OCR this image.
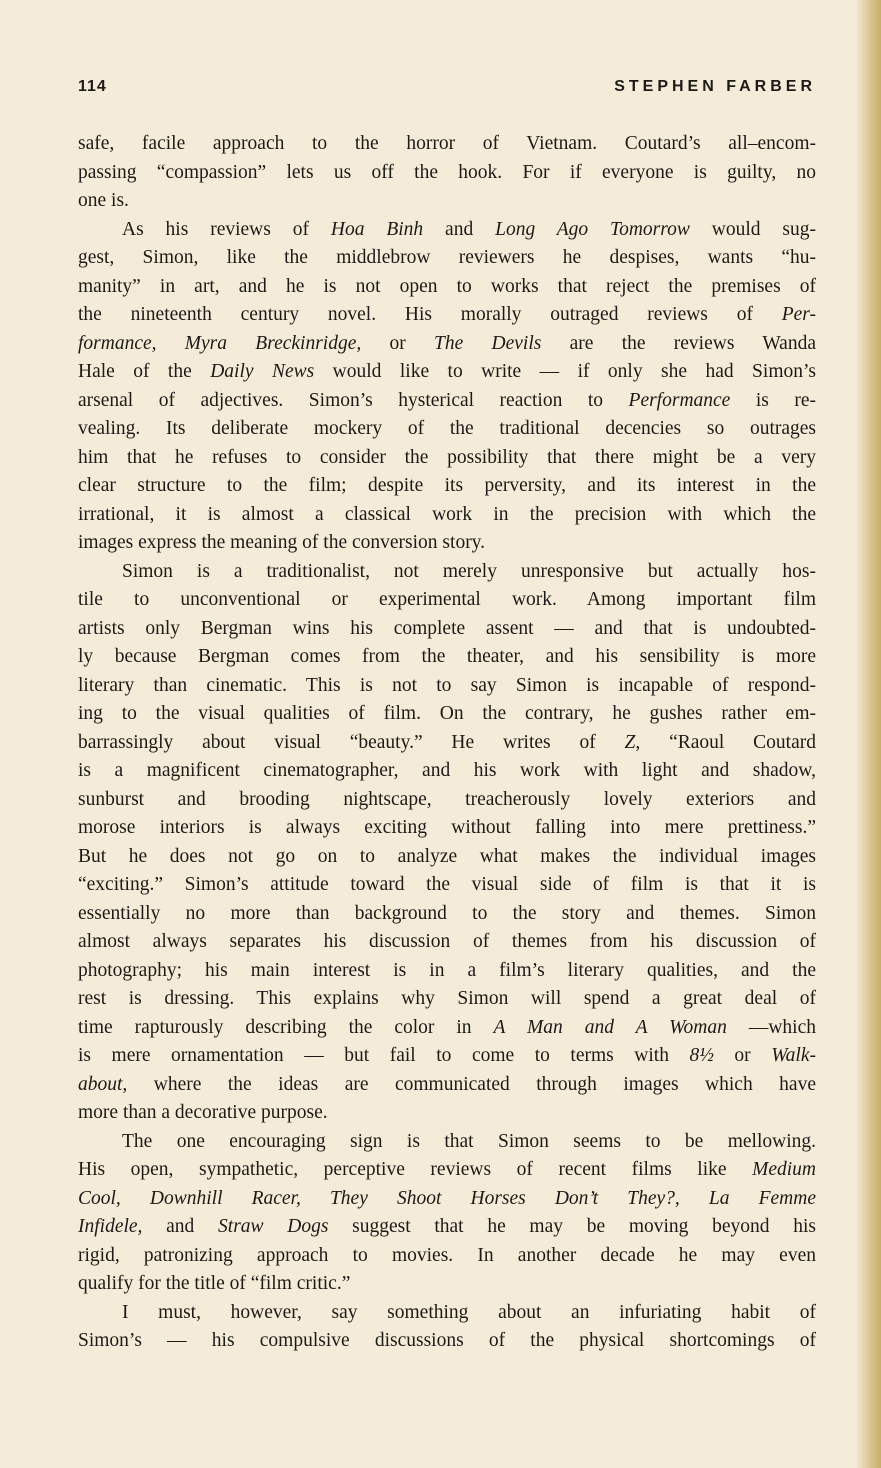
114	STEPHEN FARBER
safe, facile approach to the horror of Vietnam. Coutard’s all–encom-
passing “compassion” lets us off the hook. For if everyone is guilty, no
one is.
As his reviews of Hoa Binh and Long Ago Tomorrow would sug-
gest, Simon, like the middlebrow reviewers he despises, wants “hu-
manity” in art, and he is not open to works that reject the premises of
the nineteenth century novel. His morally outraged reviews of Per-
formance, Myra Breckinridge, or The Devils are the reviews Wanda
Hale of the Daily News would like to write — if only she had Simon’s
arsenal of adjectives. Simon’s hysterical reaction to Performance is re-
vealing. Its deliberate mockery of the traditional decencies so outrages
him that he refuses to consider the possibility that there might be a very
clear structure to the film; despite its perversity, and its interest in the
irrational, it is almost a classical work in the precision with which the
images express the meaning of the conversion story.
Simon is a traditionalist, not merely unresponsive but actually hos-
tile to unconventional or experimental work. Among important film
artists only Bergman wins his complete assent — and that is undoubted-
ly because Bergman comes from the theater, and his sensibility is more
literary than cinematic. This is not to say Simon is incapable of respond-
ing to the visual qualities of film. On the contrary, he gushes rather em-
barrassingly about visual “beauty.” He writes of Z, “Raoul Coutard
is a magnificent cinematographer, and his work with light and shadow,
sunburst and brooding nightscape, treacherously lovely exteriors and
morose interiors is always exciting without falling into mere prettiness.”
But he does not go on to analyze what makes the individual images
“exciting.” Simon’s attitude toward the visual side of film is that it is
essentially no more than background to the story and themes. Simon
almost always separates his discussion of themes from his discussion of
photography; his main interest is in a film’s literary qualities, and the
rest is dressing. This explains why Simon will spend a great deal of
time rapturously describing the color in A Man and A Woman —which
is mere ornamentation — but fail to come to terms with 8½ or Walk-
about, where the ideas are communicated through images which have
more than a decorative purpose.
The one encouraging sign is that Simon seems to be mellowing.
His open, sympathetic, perceptive reviews of recent films like Medium
Cool, Downhill Racer, They Shoot Horses Don’t They?, La Femme
Infidele, and Straw Dogs suggest that he may be moving beyond his
rigid, patronizing approach to movies. In another decade he may even
qualify for the title of “film critic.”
I must, however, say something about an infuriating habit of
Simon’s — his compulsive discussions of the physical shortcomings of
